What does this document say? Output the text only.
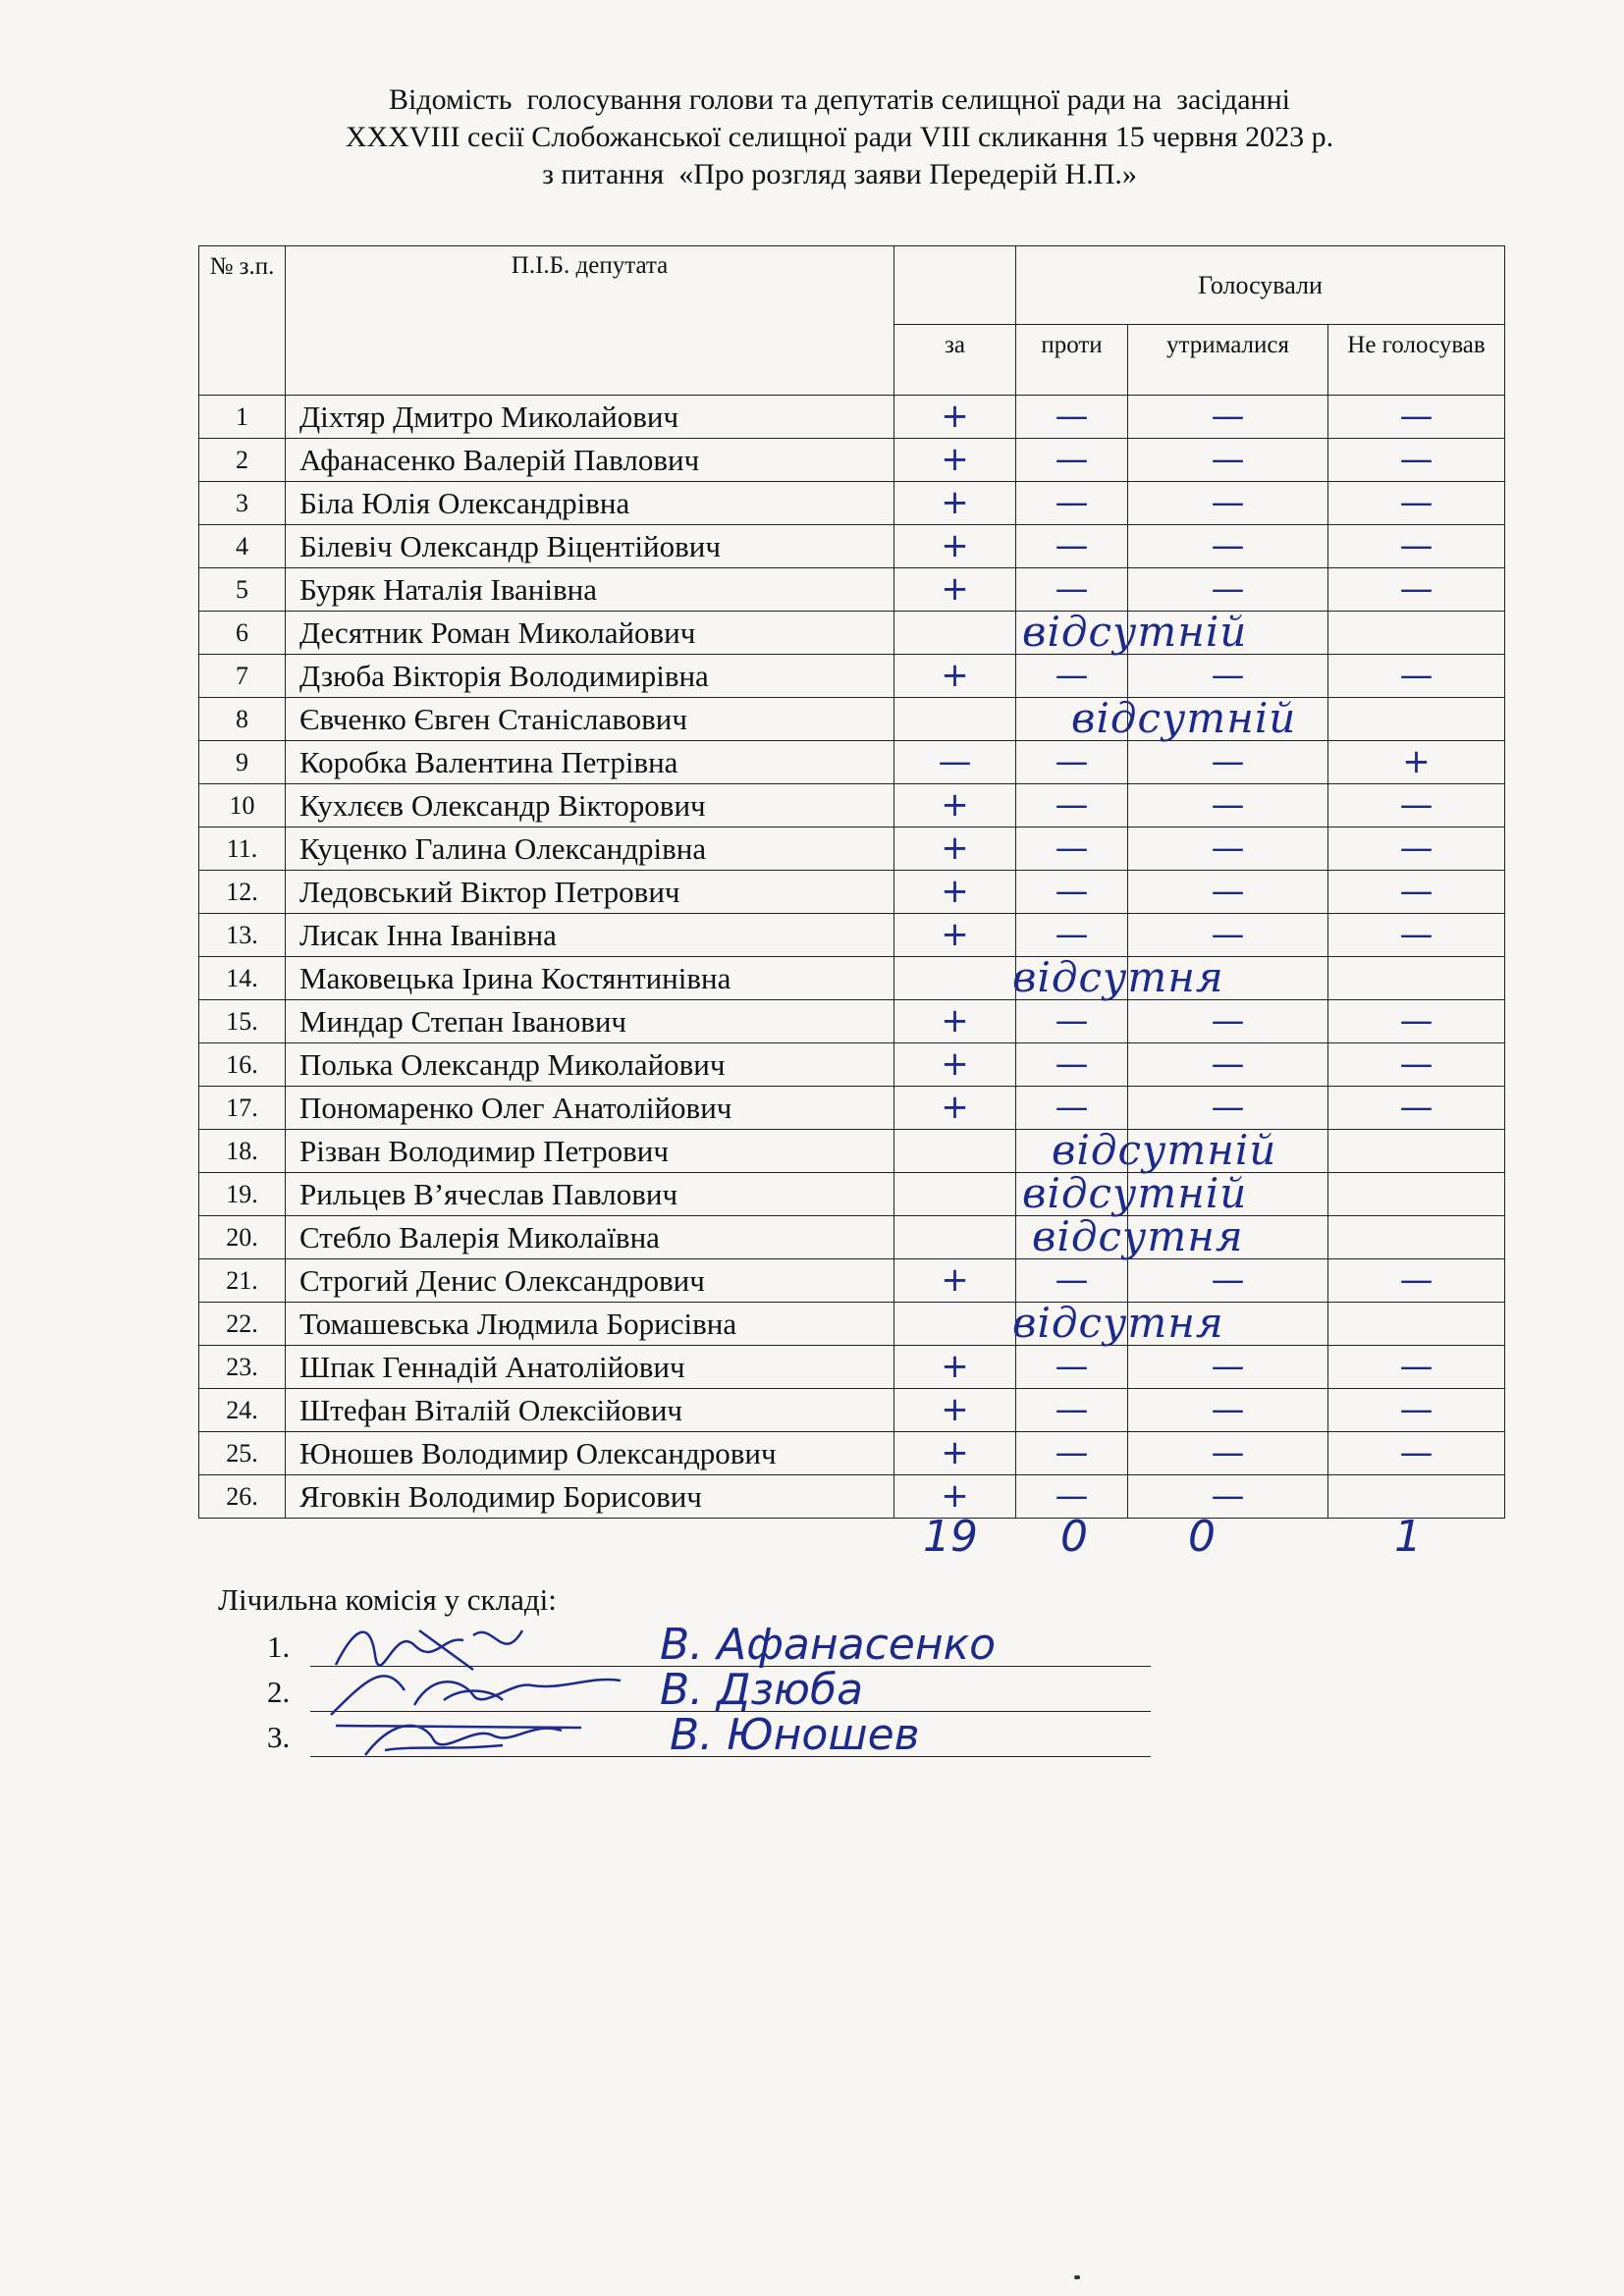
Відомість  голосування голови та депутатів селищної ради на  засіданні
XXXVIII сесії Слобожанської селищної ради VIII скликання 15 червня 2023 р.
з питання  «Про розгляд заяви Передерій Н.П.»
№ з.п.	П.І.Б. депутата		Голосували		
		за	проти	утрималися	Не голосував
1	Діхтяр Дмитро Миколайович	+	—	—	—
2	Афанасенко Валерій Павлович	+	—	—	—
3	Біла Юлія Олександрівна	+	—	—	—
4	Білевіч Олександр Віцентійович	+	—	—	—
5	Буряк Наталія Іванівна	+	—	—	—
6	Десятник Роман Миколайович	відсутній			

7	Дзюба Вікторія Володимирівна	+	—	—	—
8	Євченко Євген Станіславович	відсутній			

9	Коробка Валентина Петрівна	—	—	—	+
10	Кухлєєв Олександр Вікторович	+	—	—	—
11.	Куценко Галина Олександрівна	+	—	—	—
12.	Ледовський Віктор Петрович	+	—	—	—
13.	Лисак Інна Іванівна	+	—	—	—
14.	Маковецька Ірина Костянтинівна	відсутня			

15.	Миндар Степан Іванович	+	—	—	—
16.	Полька Олександр Миколайович	+	—	—	—
17.	Пономаренко Олег Анатолійович	+	—	—	—
18.	Різван Володимир Петрович	відсутній			

19.	Рильцев В’ячеслав Павлович	відсутній			

20.	Стебло Валерія Миколаївна	відсутня			

21.	Строгий Денис Олександрович	+	—	—	—
22.	Томашевська Людмила Борисівна	відсутня			

23.	Шпак Геннадій Анатолійович	+	—	—	—
24.	Штефан Віталій Олексійович	+	—	—	—
25.	Юношев Володимир Олександрович	+	—	—	—
26.	Яговкін Володимир Борисович	+	—	—	
19 0 0	1
Лічильна комісія у складі:
1.	В. Афанасенко
2.	В. Дзюба
3.	В. Юношев
